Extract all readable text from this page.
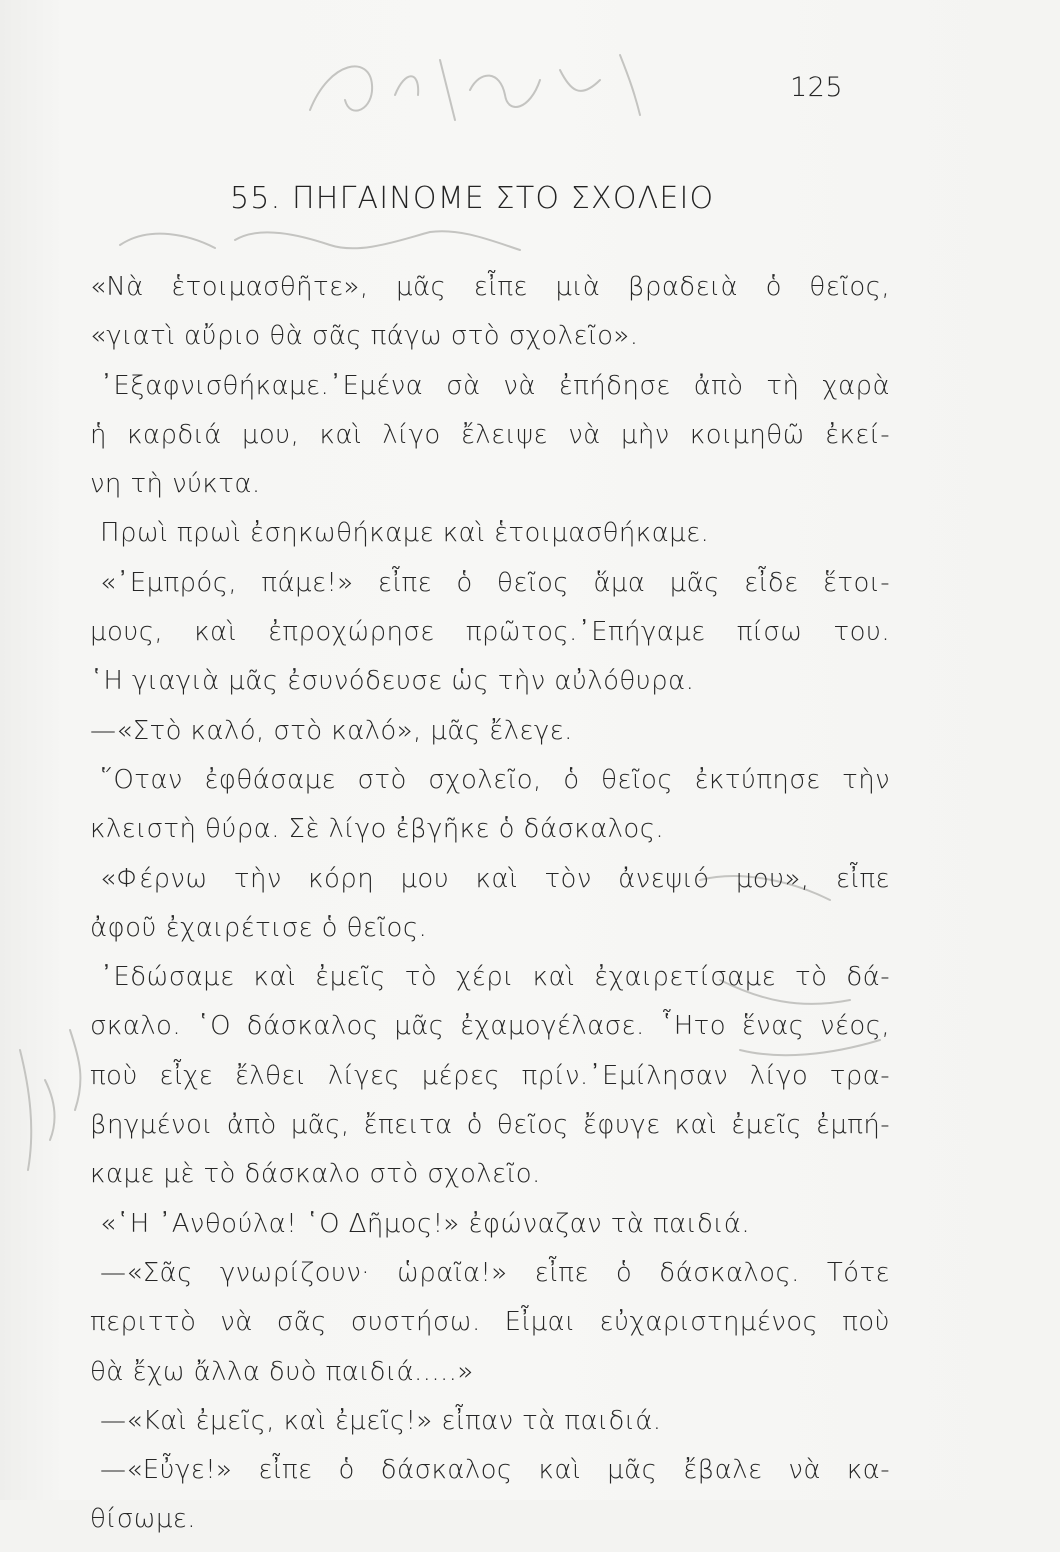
125
55. ΠΗΓΑΙΝΟΜΕ ΣΤΟ ΣΧΟΛΕΙΟ
«Νὰ ἑτοιμασθῆτε», μᾶς εἶπε μιὰ βραδειὰ ὁ θεῖος,
«γιατὶ αὔριο θὰ σᾶς πάγω στὸ σχολεῖο».
᾿Εξαφνισθήκαμε.᾿Εμένα σὰ νὰ ἐπήδησε ἀπὸ τὴ χαρὰ
ἡ καρδιά μου, καὶ λίγο ἔλειψε νὰ μὴν κοιμηθῶ ἐκεί-
νη τὴ νύκτα.
Πρωὶ πρωὶ ἐσηκωθήκαμε καὶ ἑτοιμασθήκαμε.
«᾿Εμπρός, πάμε!» εἶπε ὁ θεῖος ἅμα μᾶς εἶδε ἕτοι-
μους, καὶ ἐπροχώρησε πρῶτος.᾿Επήγαμε πίσω του.
῾Η γιαγιὰ μᾶς ἐσυνόδευσε ὡς τὴν αὐλόθυρα.
—«Στὸ καλό, στὸ καλό», μᾶς ἔλεγε.
῞Οταν ἐφθάσαμε στὸ σχολεῖο, ὁ θεῖος ἐκτύπησε τὴν
κλειστὴ θύρα. Σὲ λίγο ἐβγῆκε ὁ δάσκαλος.
«Φέρνω τὴν κόρη μου καὶ τὸν ἀνεψιό μου», εἶπε
ἀφοῦ ἐχαιρέτισε ὁ θεῖος.
᾿Εδώσαμε καὶ ἐμεῖς τὸ χέρι καὶ ἐχαιρετίσαμε τὸ δά-
σκαλο. ῾Ο δάσκαλος μᾶς ἐχαμογέλασε. ῟Ητο ἕνας νέος,
ποὺ εἶχε ἔλθει λίγες μέρες πρίν.᾿Εμίλησαν λίγο τρα-
βηγμένοι ἀπὸ μᾶς, ἔπειτα ὁ θεῖος ἔφυγε καὶ ἐμεῖς ἐμπή-
καμε μὲ τὸ δάσκαλο στὸ σχολεῖο.
«῾Η ᾿Ανθούλα! ῾Ο Δῆμος!» ἐφώναζαν τὰ παιδιά.
—«Σᾶς γνωρίζουν· ὡραῖα!» εἶπε ὁ δάσκαλος. Τότε
περιττὸ νὰ σᾶς συστήσω. Εἶμαι εὐχαριστημένος ποὺ
θὰ ἔχω ἄλλα δυὸ παιδιά.....»
—«Καὶ ἐμεῖς, καὶ ἐμεῖς!» εἶπαν τὰ παιδιά.
—«Εὖγε!» εἶπε ὁ δάσκαλος καὶ μᾶς ἔβαλε νὰ κα-
θίσωμε.
